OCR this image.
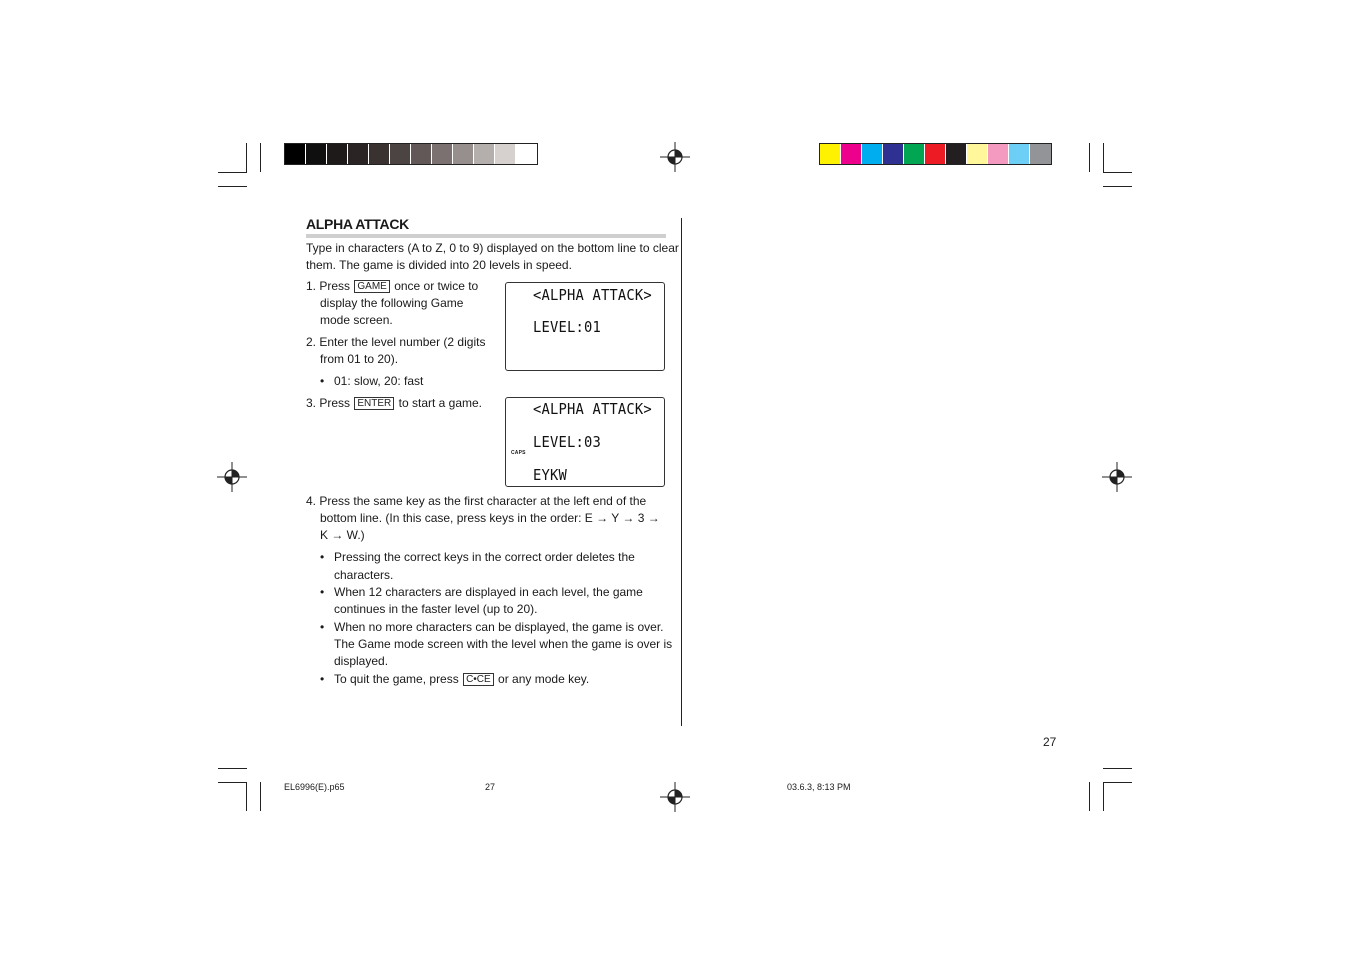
ALPHA ATTACK
Type in characters (A to Z, 0 to 9) displayed on the bottom line to clear
them. The game is divided into 20 levels in speed.
1. Press GAME once or twice to
display the following Game
mode screen.
2. Enter the level number (2 digits
from 01 to 20).
• 01: slow, 20: fast
3. Press ENTER to start a game.
<ALPHA ATTACK>
LEVEL:01
<ALPHA ATTACK>
LEVEL:03
CAPS
EYKW
4. Press the same key as the first character at the left end of the
bottom line. (In this case, press keys in the order: E → Y → 3 →
K → W.)
• Pressing the correct keys in the correct order deletes the
characters.
• When 12 characters are displayed in each level, the game
continues in the faster level (up to 20).
• When no more characters can be displayed, the game is over.
The Game mode screen with the level when the game is over is
displayed.
• To quit the game, press C•CE or any mode key.
27
EL6996(E).p65	27	03.6.3, 8:13 PM
